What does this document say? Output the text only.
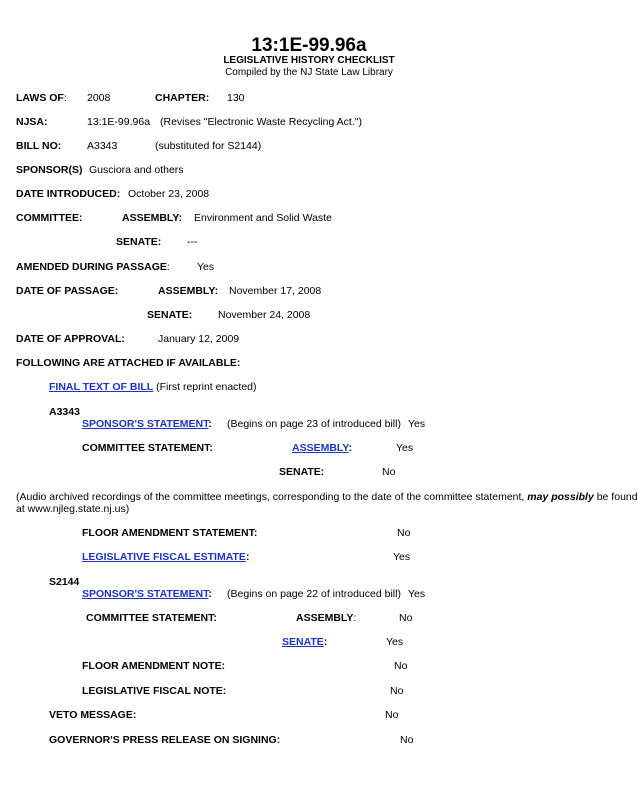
13:1E-99.96a
LEGISLATIVE HISTORY CHECKLIST
Compiled by the NJ State Law Library
LAWS OF: 2008	CHAPTER: 130
NJSA:	13:1E-99.96a (Revises "Electronic Waste Recycling Act.")
BILL NO: A3343	(substituted for S2144)
SPONSOR(S) Gusciora and others
DATE INTRODUCED: October 23, 2008
COMMITTEE:	ASSEMBLY: Environment and Solid Waste
SENATE: ---
AMENDED DURING PASSAGE:	Yes
DATE OF PASSAGE:	ASSEMBLY: November 17, 2008
SENATE: November 24, 2008
DATE OF APPROVAL:	January 12, 2009
FOLLOWING ARE ATTACHED IF AVAILABLE:
FINAL TEXT OF BILL (First reprint enacted)
A3343
SPONSOR'S STATEMENT: (Begins on page 23 of introduced bill) Yes
COMMITTEE STATEMENT:	ASSEMBLY:	Yes
SENATE:	No
(Audio archived recordings of the committee meetings, corresponding to the date of the committee statement, may possibly be found
at www.njleg.state.nj.us)
FLOOR AMENDMENT STATEMENT:	No
LEGISLATIVE FISCAL ESTIMATE:	Yes
S2144
SPONSOR'S STATEMENT: (Begins on page 22 of introduced bill) Yes
COMMITTEE STATEMENT:	ASSEMBLY:	No
SENATE:	Yes
FLOOR AMENDMENT NOTE:	No
LEGISLATIVE FISCAL NOTE:	No
VETO MESSAGE:	No
GOVERNOR'S PRESS RELEASE ON SIGNING:	No
